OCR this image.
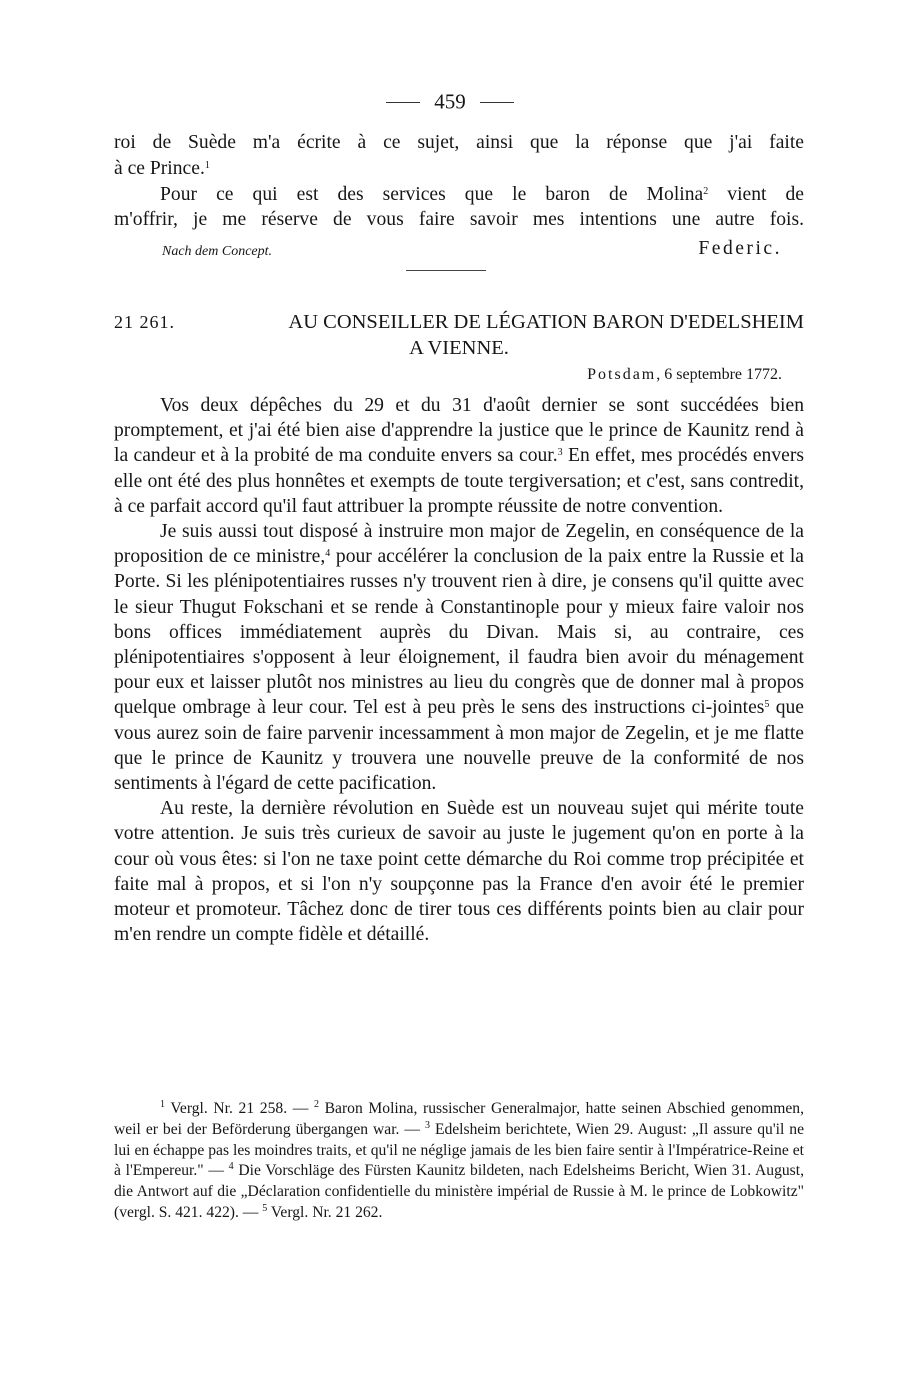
459

roi de Suède m'a écrite à ce sujet, ainsi que la réponse que j'ai faite

à ce Prince.$^1$

Pour ce qui est des services que le baron de Molina$^2$ vient de

m'offrir, je me réserve de vous faire savoir mes intentions une autre fois.

Nach dem Concept.	Federic.
21 261.	AU CONSEILLER DE LÉGATION BARON D'EDELSHEIM
A VIENNE.
Potsdam, 6 septembre 1772.

Vos deux dépêches du 29 et du 31 d'août dernier se sont succédées bien promptement, et j'ai été bien aise d'apprendre la justice que le prince de Kaunitz rend à la candeur et à la probité de ma conduite envers sa cour.$^3$ En effet, mes procédés envers elle ont été des plus honnêtes et exempts de toute tergiversation; et c'est, sans contredit, à ce parfait accord qu'il faut attribuer la prompte réussite de notre convention.

Je suis aussi tout disposé à instruire mon major de Zegelin, en conséquence de la proposition de ce ministre,$^4$ pour accélérer la conclusion de la paix entre la Russie et la Porte. Si les plénipotentiaires russes n'y trouvent rien à dire, je consens qu'il quitte avec le sieur Thugut Fokschani et se rende à Constantinople pour y mieux faire valoir nos bons offices immédiatement auprès du Divan. Mais si, au contraire, ces plénipotentiaires s'opposent à leur éloignement, il faudra bien avoir du ménagement pour eux et laisser plutôt nos ministres au lieu du congrès que de donner mal à propos quelque ombrage à leur cour. Tel est à peu près le sens des instructions ci-jointes$^5$ que vous aurez soin de faire parvenir incessamment à mon major de Zegelin, et je me flatte que le prince de Kaunitz y trouvera une nouvelle preuve de la conformité de nos sentiments à l'égard de cette pacification.

Au reste, la dernière révolution en Suède est un nouveau sujet qui mérite toute votre attention. Je suis très curieux de savoir au juste le jugement qu'on en porte à la cour où vous êtes: si l'on ne taxe point cette démarche du Roi comme trop précipitée et faite mal à propos, et si l'on n'y soupçonne pas la France d'en avoir été le premier moteur et promoteur. Tâchez donc de tirer tous ces différents points bien au clair pour m'en rendre un compte fidèle et détaillé.

$^1$ Vergl. Nr. 21 258. — $^2$ Baron Molina, russischer Generalmajor, hatte seinen Abschied genommen, weil er bei der Beförderung übergangen war. — $^3$ Edelsheim berichtete, Wien 29. August: „Il assure qu'il ne lui en échappe pas les moindres traits, et qu'il ne néglige jamais de les bien faire sentir à l'Impératrice-Reine et à l'Empereur." — $^4$ Die Vorschläge des Fürsten Kaunitz bildeten, nach Edelsheims Bericht, Wien 31. August, die Antwort auf die „Déclaration confidentielle du ministère impérial de Russie à M. le prince de Lobkowitz" (vergl. S. 421. 422). — $^5$ Vergl. Nr. 21 262.
